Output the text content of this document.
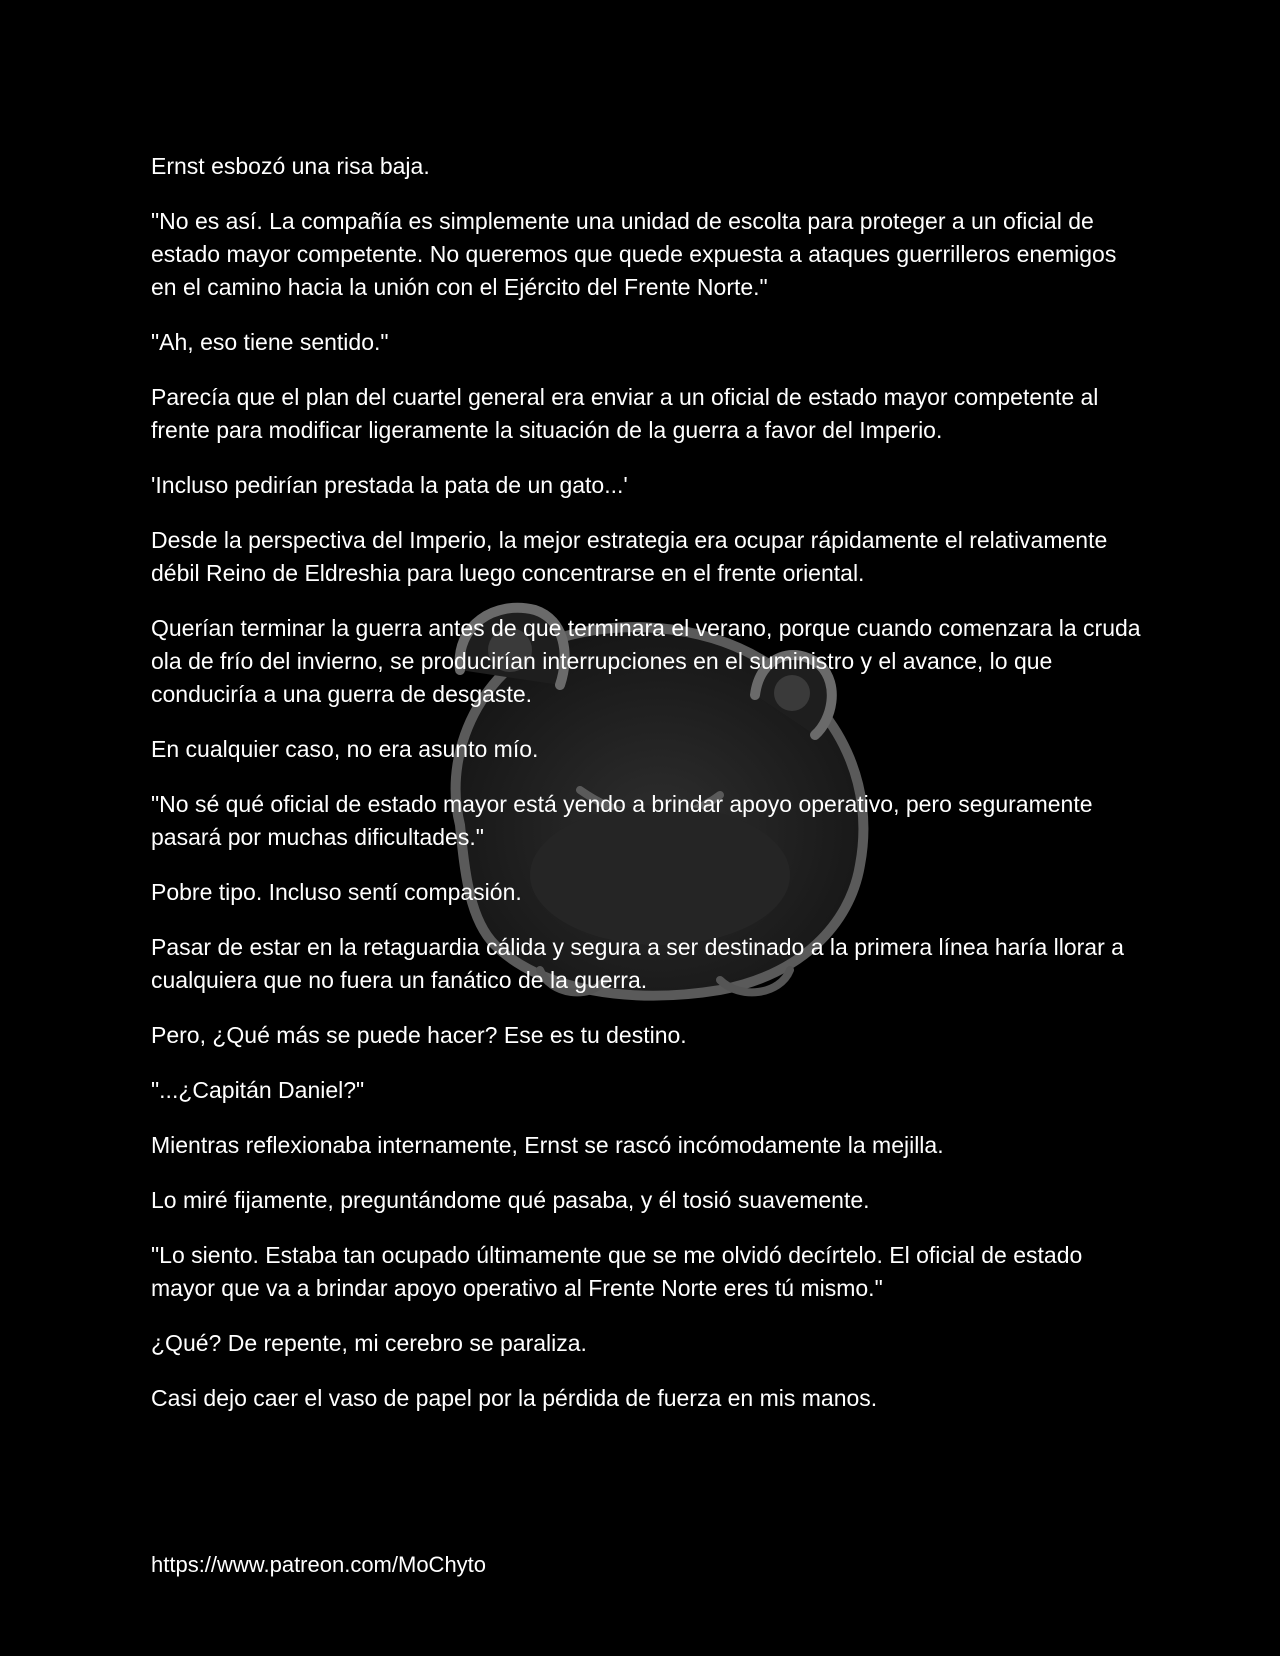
Ernst esbozó una risa baja.

"No es así. La compañía es simplemente una unidad de escolta para proteger a un oficial de estado mayor competente. No queremos que quede expuesta a ataques guerrilleros enemigos en el camino hacia la unión con el Ejército del Frente Norte."

"Ah, eso tiene sentido."

Parecía que el plan del cuartel general era enviar a un oficial de estado mayor competente al frente para modificar ligeramente la situación de la guerra a favor del Imperio.

'Incluso pedirían prestada la pata de un gato...'

Desde la perspectiva del Imperio, la mejor estrategia era ocupar rápidamente el relativamente débil Reino de Eldreshia para luego concentrarse en el frente oriental.

Querían terminar la guerra antes de que terminara el verano, porque cuando comenzara la cruda ola de frío del invierno, se producirían interrupciones en el suministro y el avance, lo que conduciría a una guerra de desgaste.

En cualquier caso, no era asunto mío.

"No sé qué oficial de estado mayor está yendo a brindar apoyo operativo, pero seguramente pasará por muchas dificultades."

Pobre tipo. Incluso sentí compasión.

Pasar de estar en la retaguardia cálida y segura a ser destinado a la primera línea haría llorar a cualquiera que no fuera un fanático de la guerra.

Pero, ¿Qué más se puede hacer? Ese es tu destino.

"...¿Capitán Daniel?"

Mientras reflexionaba internamente, Ernst se rascó incómodamente la mejilla.

Lo miré fijamente, preguntándome qué pasaba, y él tosió suavemente.

"Lo siento. Estaba tan ocupado últimamente que se me olvidó decírtelo. El oficial de estado mayor que va a brindar apoyo operativo al Frente Norte eres tú mismo."

¿Qué? De repente, mi cerebro se paraliza.

Casi dejo caer el vaso de papel por la pérdida de fuerza en mis manos.

https://www.patreon.com/MoChyto
